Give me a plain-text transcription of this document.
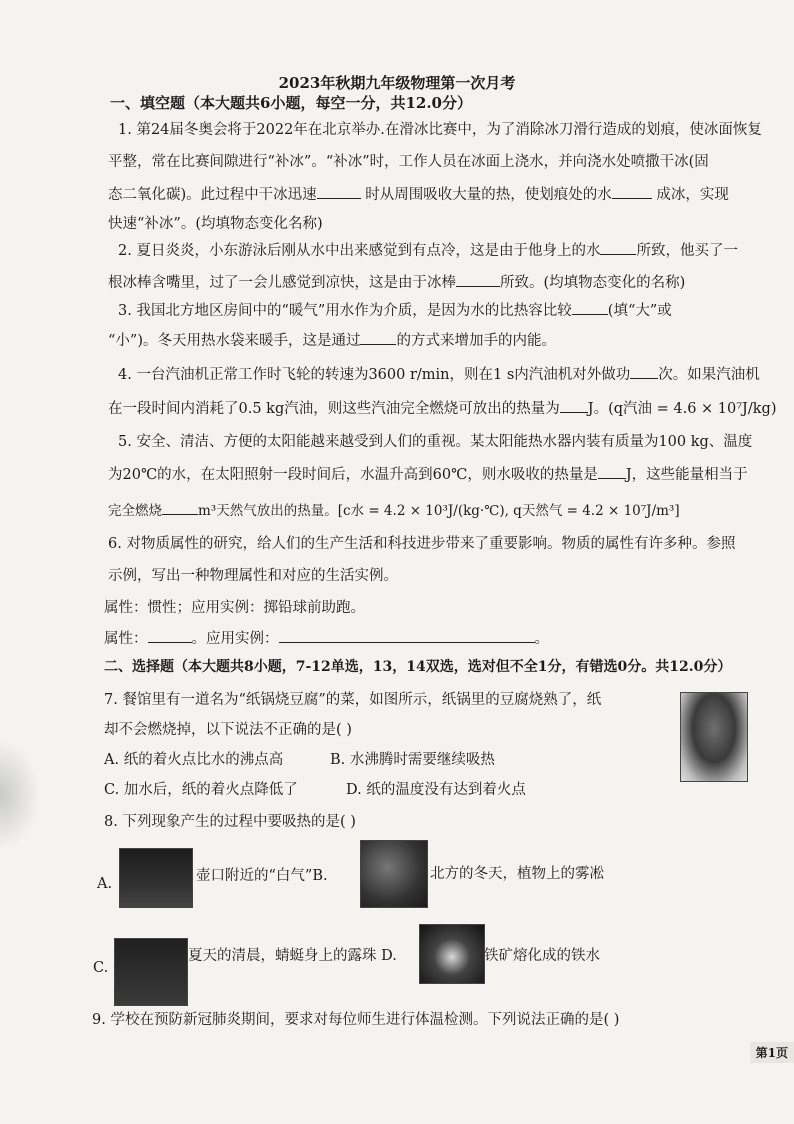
2023年秋期九年级物理第一次月考
一、填空题（本大题共6小题，每空一分，共12.0分）
1. 第24届冬奥会将于2022年在北京举办.在滑冰比赛中，为了消除冰刀滑行造成的划痕，使冰面恢复
平整，常在比赛间隙进行“补冰”。“补冰”时，工作人员在冰面上浇水，并向浇水处喷撒干冰(固
态二氧化碳)。此过程中干冰迅速	时从周围吸收大量的热，使划痕处的水	成冰，实现
快速“补冰”。(均填物态变化名称)
2. 夏日炎炎，小东游泳后刚从水中出来感觉到有点冷，这是由于他身上的水 所致，他买了一
根冰棒含嘴里，过了一会儿感觉到凉快，这是由于冰棒	所致。(均填物态变化的名称)
3. 我国北方地区房间中的“暖气”用水作为介质，是因为水的比热容比较 (填“大”或
“小”)。冬天用热水袋来暖手，这是通过 的方式来增加手的内能。
4. 一台汽油机正常工作时飞轮的转速为3600 r/min，则在1 s内汽油机对外做功 次。如果汽油机
在一段时间内消耗了0.5 kg汽油，则这些汽油完全燃烧可放出的热量为 J。(q汽油 = 4.6 × 10⁷J/kg)
5. 安全、清洁、方便的太阳能越来越受到人们的重视。某太阳能热水器内装有质量为100 kg、温度
为20℃的水，在太阳照射一段时间后，水温升高到60℃，则水吸收的热量是 J，这些能量相当于
完全燃烧	m³天然气放出的热量。[c水 = 4.2 × 10³J/(kg·℃), q天然气 = 4.2 × 10⁷J/m³]
6. 对物质属性的研究，给人们的生产生活和科技进步带来了重要影响。物质的属性有许多种。参照
示例，写出一种物理属性和对应的生活实例。
属性：惯性；应用实例：掷铅球前助跑。
属性：	。应用实例：	。
二、选择题（本大题共8小题，7-12单选，13，14双选，选对但不全1分，有错选0分。共12.0分）
7. 餐馆里有一道名为“纸锅烧豆腐”的菜，如图所示，纸锅里的豆腐烧熟了，纸
却不会燃烧掉，以下说法不正确的是( )
A. 纸的着火点比水的沸点高	B. 水沸腾时需要继续吸热
C. 加水后，纸的着火点降低了	D. 纸的温度没有达到着火点
8. 下列现象产生的过程中要吸热的是( )
A.	壶口附近的“白气”B.	北方的冬天，植物上的雾凇
C.
夏天的清晨，蜻蜓身上的露珠 D.	铁矿熔化成的铁水
9. 学校在预防新冠肺炎期间，要求对每位师生进行体温检测。下列说法正确的是( )
第1页
